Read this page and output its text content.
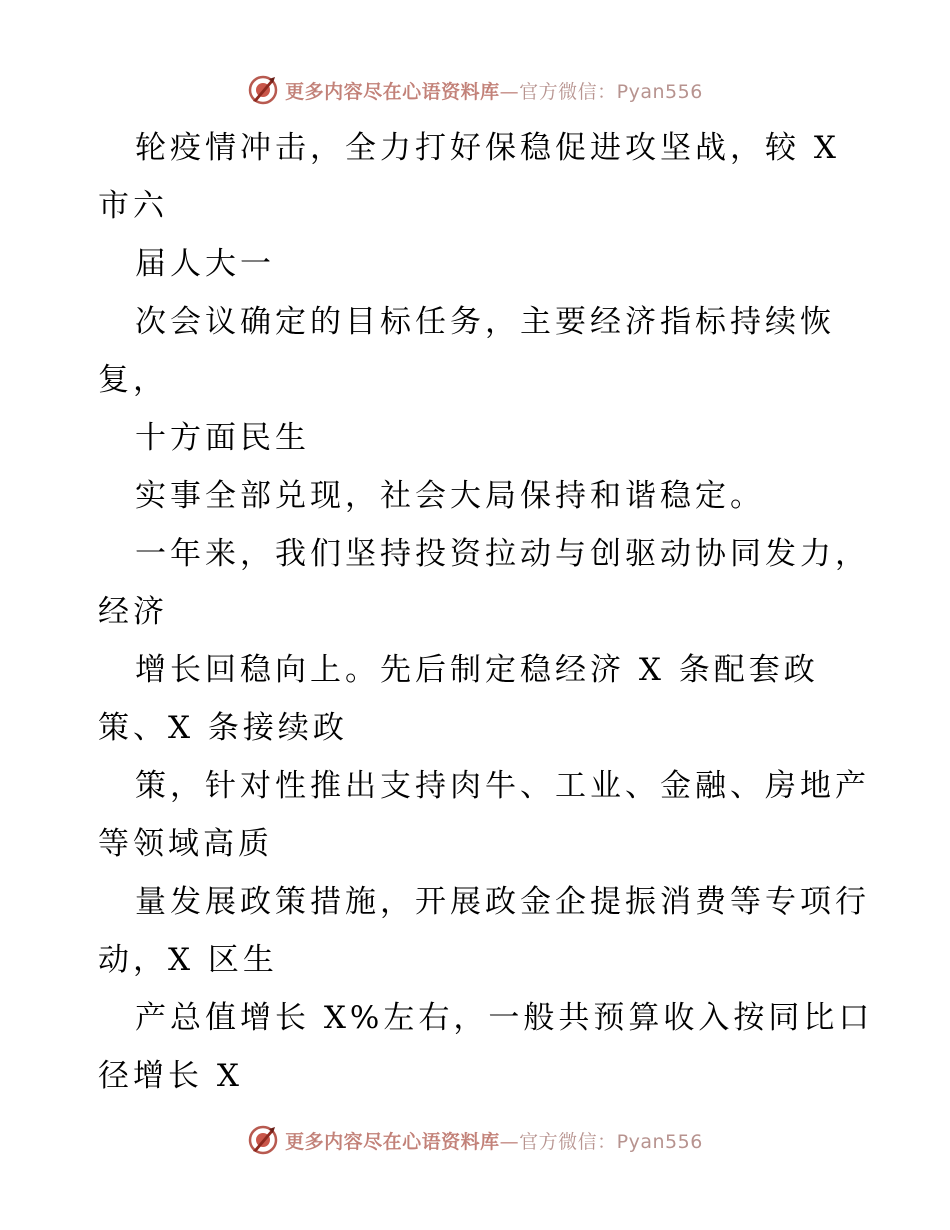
更多内容尽在心语资料库—官方微信：Pyan556
轮疫情冲击，全力打好保稳促进攻坚战，较 X
市六
届人大一
次会议确定的目标任务，主要经济指标持续恢
复，
十方面民生
实事全部兑现，社会大局保持和谐稳定。
一年来，我们坚持投资拉动与创驱动协同发力，
经济
增长回稳向上。先后制定稳经济 X 条配套政
策、X 条接续政
策，针对性推出支持肉牛、工业、金融、房地产
等领域高质
量发展政策措施，开展政金企提振消费等专项行
动，X 区生
产总值增长 X%左右，一般共预算收入按同比口
径增长 X
更多内容尽在心语资料库—官方微信：Pyan556
